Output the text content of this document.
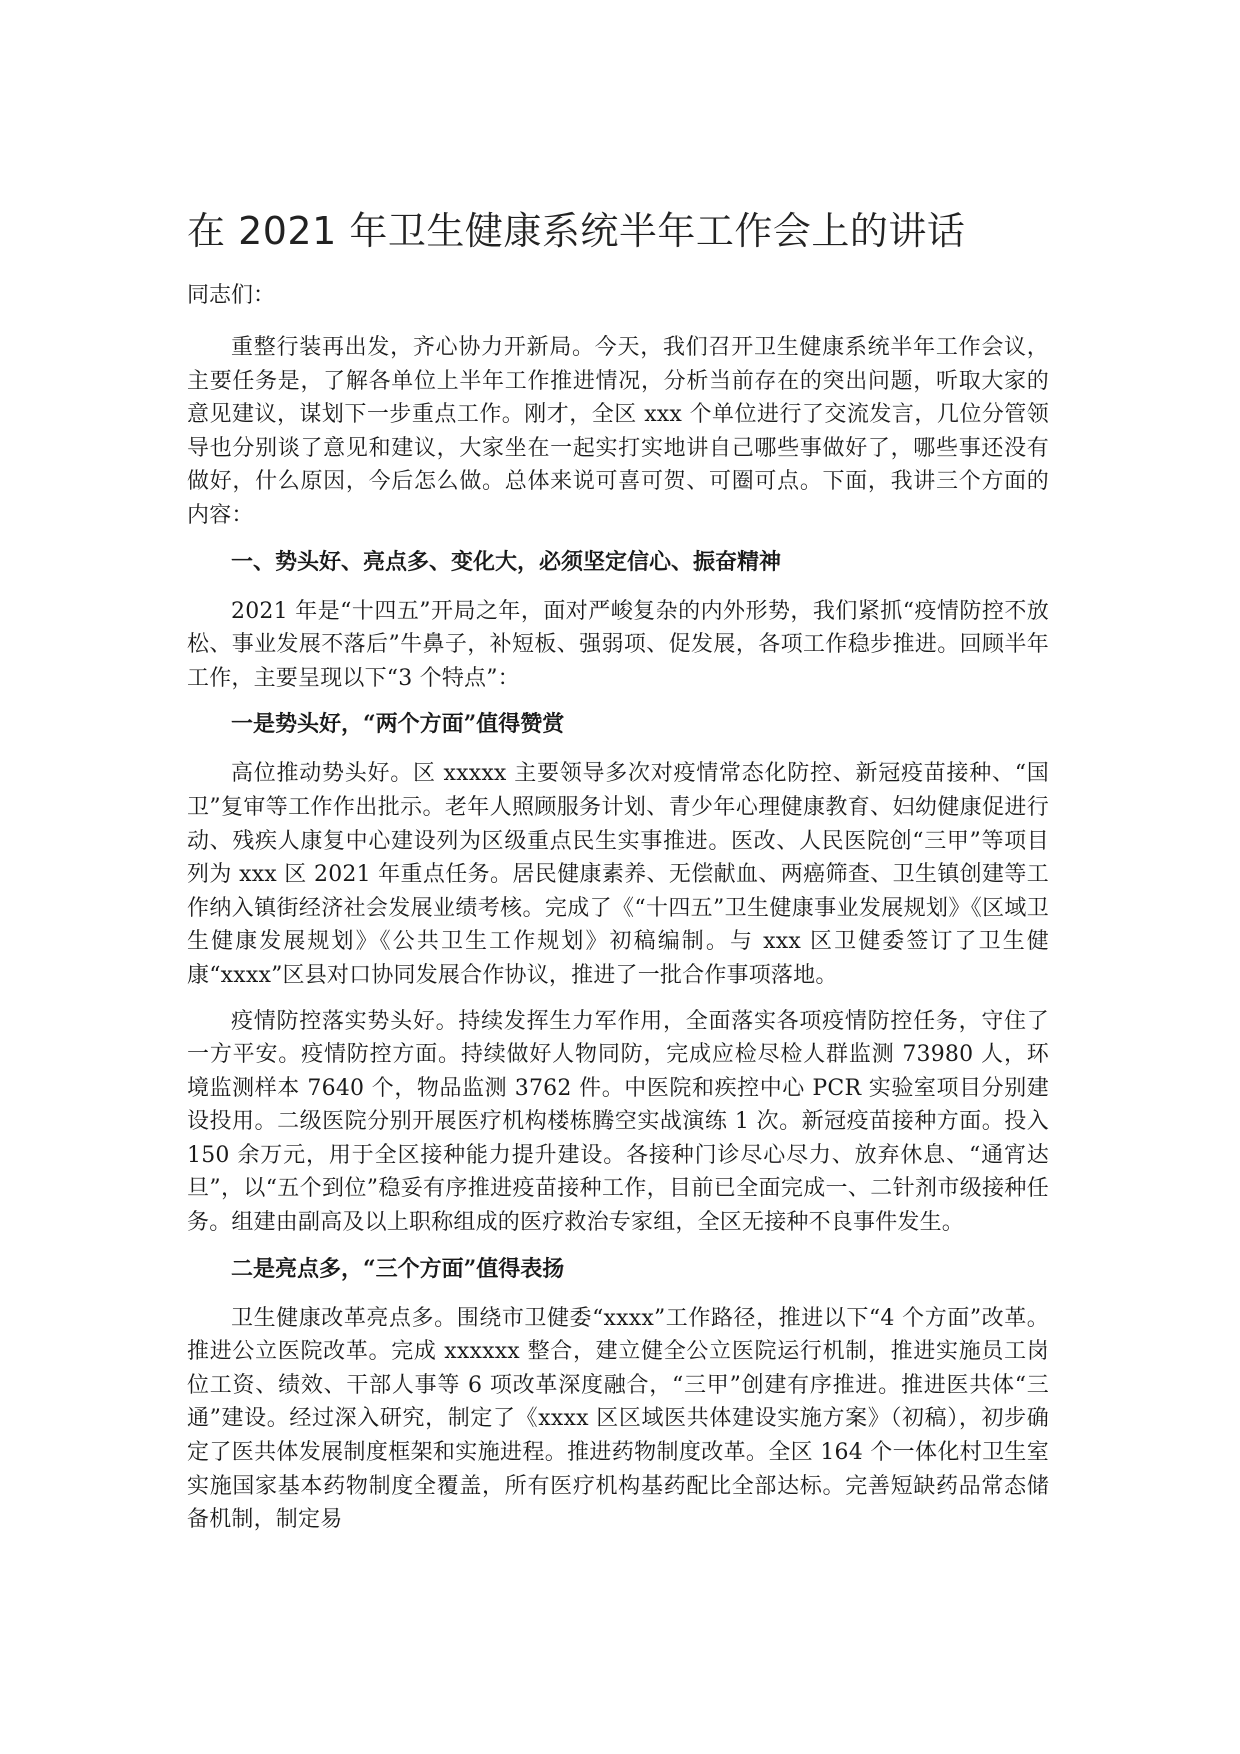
在 2021 年卫生健康系统半年工作会上的讲话

同志们：

重整行装再出发，齐心协力开新局。今天，我们召开卫生健康系统半年工作会议，主要任务是，了解各单位上半年工作推进情况，分析当前存在的突出问题，听取大家的意见建议，谋划下一步重点工作。刚才，全区 xxx 个单位进行了交流发言，几位分管领导也分别谈了意见和建议，大家坐在一起实打实地讲自己哪些事做好了，哪些事还没有做好，什么原因，今后怎么做。总体来说可喜可贺、可圈可点。下面，我讲三个方面的内容：

一、势头好、亮点多、变化大，必须坚定信心、振奋精神

2021 年是“十四五”开局之年，面对严峻复杂的内外形势，我们紧抓“疫情防控不放松、事业发展不落后”牛鼻子，补短板、强弱项、促发展，各项工作稳步推进。回顾半年工作，主要呈现以下“3 个特点”：

一是势头好，“两个方面”值得赞赏

高位推动势头好。区 xxxxx 主要领导多次对疫情常态化防控、新冠疫苗接种、“国卫”复审等工作作出批示。老年人照顾服务计划、青少年心理健康教育、妇幼健康促进行动、残疾人康复中心建设列为区级重点民生实事推进。医改、人民医院创“三甲”等项目列为 xxx 区 2021 年重点任务。居民健康素养、无偿献血、两癌筛查、卫生镇创建等工作纳入镇街经济社会发展业绩考核。完成了《“十四五”卫生健康事业发展规划》《区域卫生健康发展规划》《公共卫生工作规划》初稿编制。与 xxx 区卫健委签订了卫生健康“xxxx”区县对口协同发展合作协议，推进了一批合作事项落地。

疫情防控落实势头好。持续发挥生力军作用，全面落实各项疫情防控任务，守住了一方平安。疫情防控方面。持续做好人物同防，完成应检尽检人群监测 73980 人，环境监测样本 7640 个，物品监测 3762 件。中医院和疾控中心 PCR 实验室项目分别建设投用。二级医院分别开展医疗机构楼栋腾空实战演练 1 次。新冠疫苗接种方面。投入 150 余万元，用于全区接种能力提升建设。各接种门诊尽心尽力、放弃休息、“通宵达旦”，以“五个到位”稳妥有序推进疫苗接种工作，目前已全面完成一、二针剂市级接种任务。组建由副高及以上职称组成的医疗救治专家组，全区无接种不良事件发生。

二是亮点多，“三个方面”值得表扬

卫生健康改革亮点多。围绕市卫健委“xxxx”工作路径，推进以下“4 个方面”改革。推进公立医院改革。完成 xxxxxx 整合，建立健全公立医院运行机制，推进实施员工岗位工资、绩效、干部人事等 6 项改革深度融合，“三甲”创建有序推进。推进医共体“三通”建设。经过深入研究，制定了《xxxx 区区域医共体建设实施方案》（初稿），初步确定了医共体发展制度框架和实施进程。推进药物制度改革。全区 164 个一体化村卫生室实施国家基本药物制度全覆盖，所有医疗机构基药配比全部达标。完善短缺药品常态储备机制，制定易
